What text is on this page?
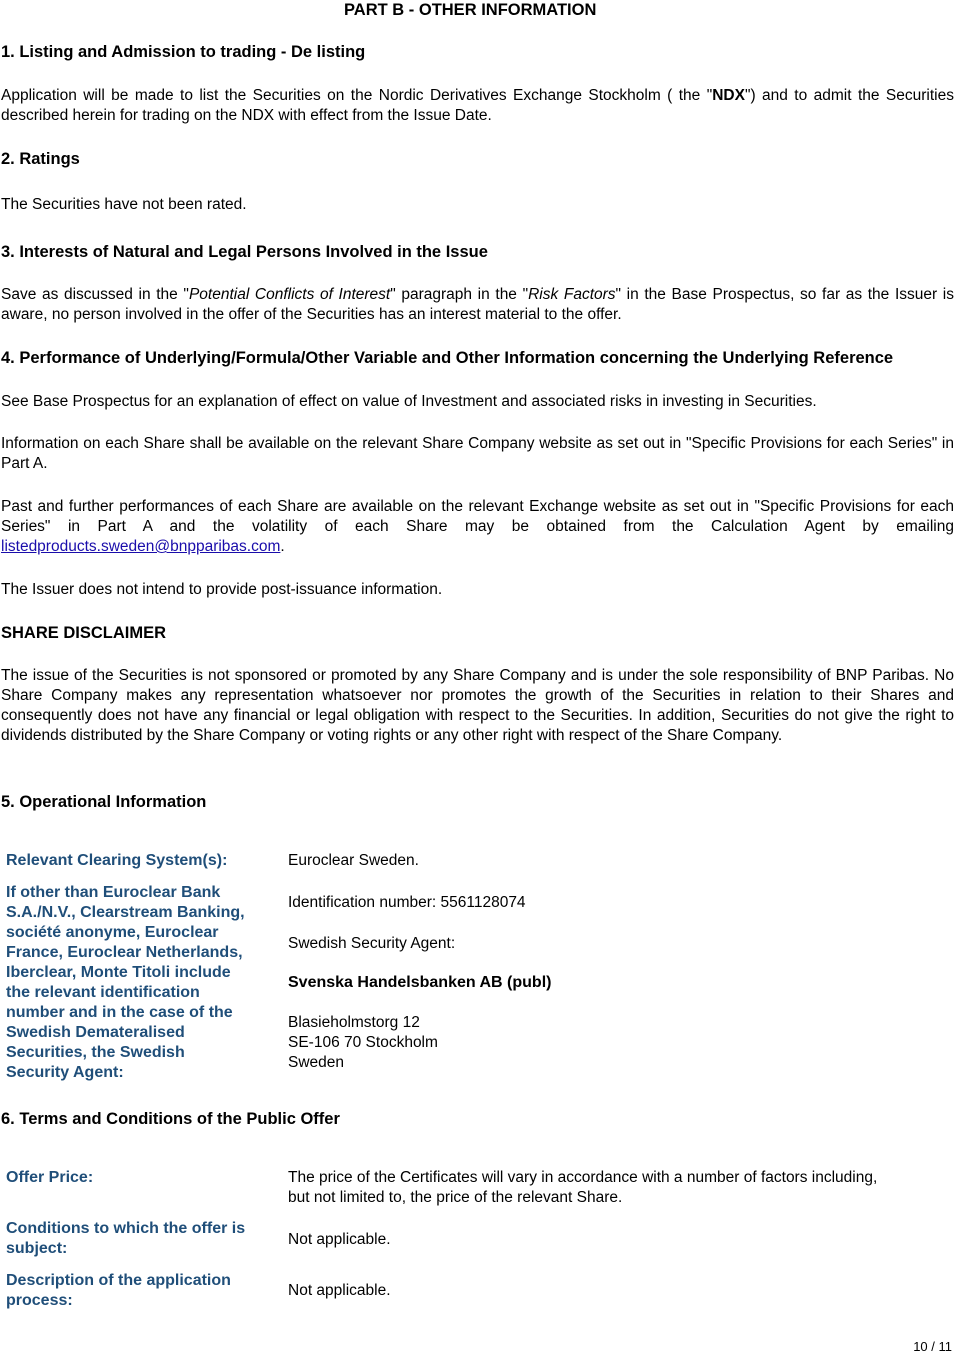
PART B - OTHER INFORMATION
1. Listing and Admission to trading - De listing
Application will be made to list the Securities on the Nordic Derivatives Exchange Stockholm ( the "NDX") and to admit the Securities described herein for trading on the NDX with effect from the Issue Date.
2. Ratings
The Securities have not been rated.
3. Interests of Natural and Legal Persons Involved in the Issue
Save as discussed in the "Potential Conflicts of Interest" paragraph in the "Risk Factors" in the Base Prospectus, so far as the Issuer is aware, no person involved in the offer of the Securities has an interest material to the offer.
4. Performance of Underlying/Formula/Other Variable and Other Information concerning the Underlying Reference
See Base Prospectus for an explanation of effect on value of Investment and associated risks in investing in Securities.
Information on each Share shall be available on the relevant Share Company website as set out in "Specific Provisions for each Series" in Part A.
Past and further performances of each Share are available on the relevant Exchange website as set out in "Specific Provisions for each Series" in Part A and the volatility of each Share may be obtained from the Calculation Agent by emailing listedproducts.sweden@bnpparibas.com.
The Issuer does not intend to provide post-issuance information.
SHARE DISCLAIMER
The issue of the Securities is not sponsored or promoted by any Share Company and is under the sole responsibility of BNP Paribas. No Share Company makes any representation whatsoever nor promotes the growth of the Securities in relation to their Shares and consequently does not have any financial or legal obligation with respect to the Securities. In addition, Securities do not give the right to dividends distributed by the Share Company or voting rights or any other right with respect of the Share Company.
5. Operational Information
Relevant Clearing System(s):	Euroclear Sweden.
If other than Euroclear Bank
S.A./N.V., Clearstream Banking,
société anonyme, Euroclear
France, Euroclear Netherlands,
Iberclear, Monte Titoli include
the relevant identification
number and in the case of the
Swedish Demateralised
Securities, the Swedish
Security Agent:
Identification number: 5561128074
Swedish Security Agent:
Svenska Handelsbanken AB (publ)
Blasieholmstorg 12
SE-106 70 Stockholm
Sweden
6. Terms and Conditions of the Public Offer
Offer Price:	The price of the Certificates will vary in accordance with a number of factors including,
but not limited to, the price of the relevant Share.
Conditions to which the offer is
subject:
Not applicable.
Description of the application
process:
Not applicable.
10 / 11
